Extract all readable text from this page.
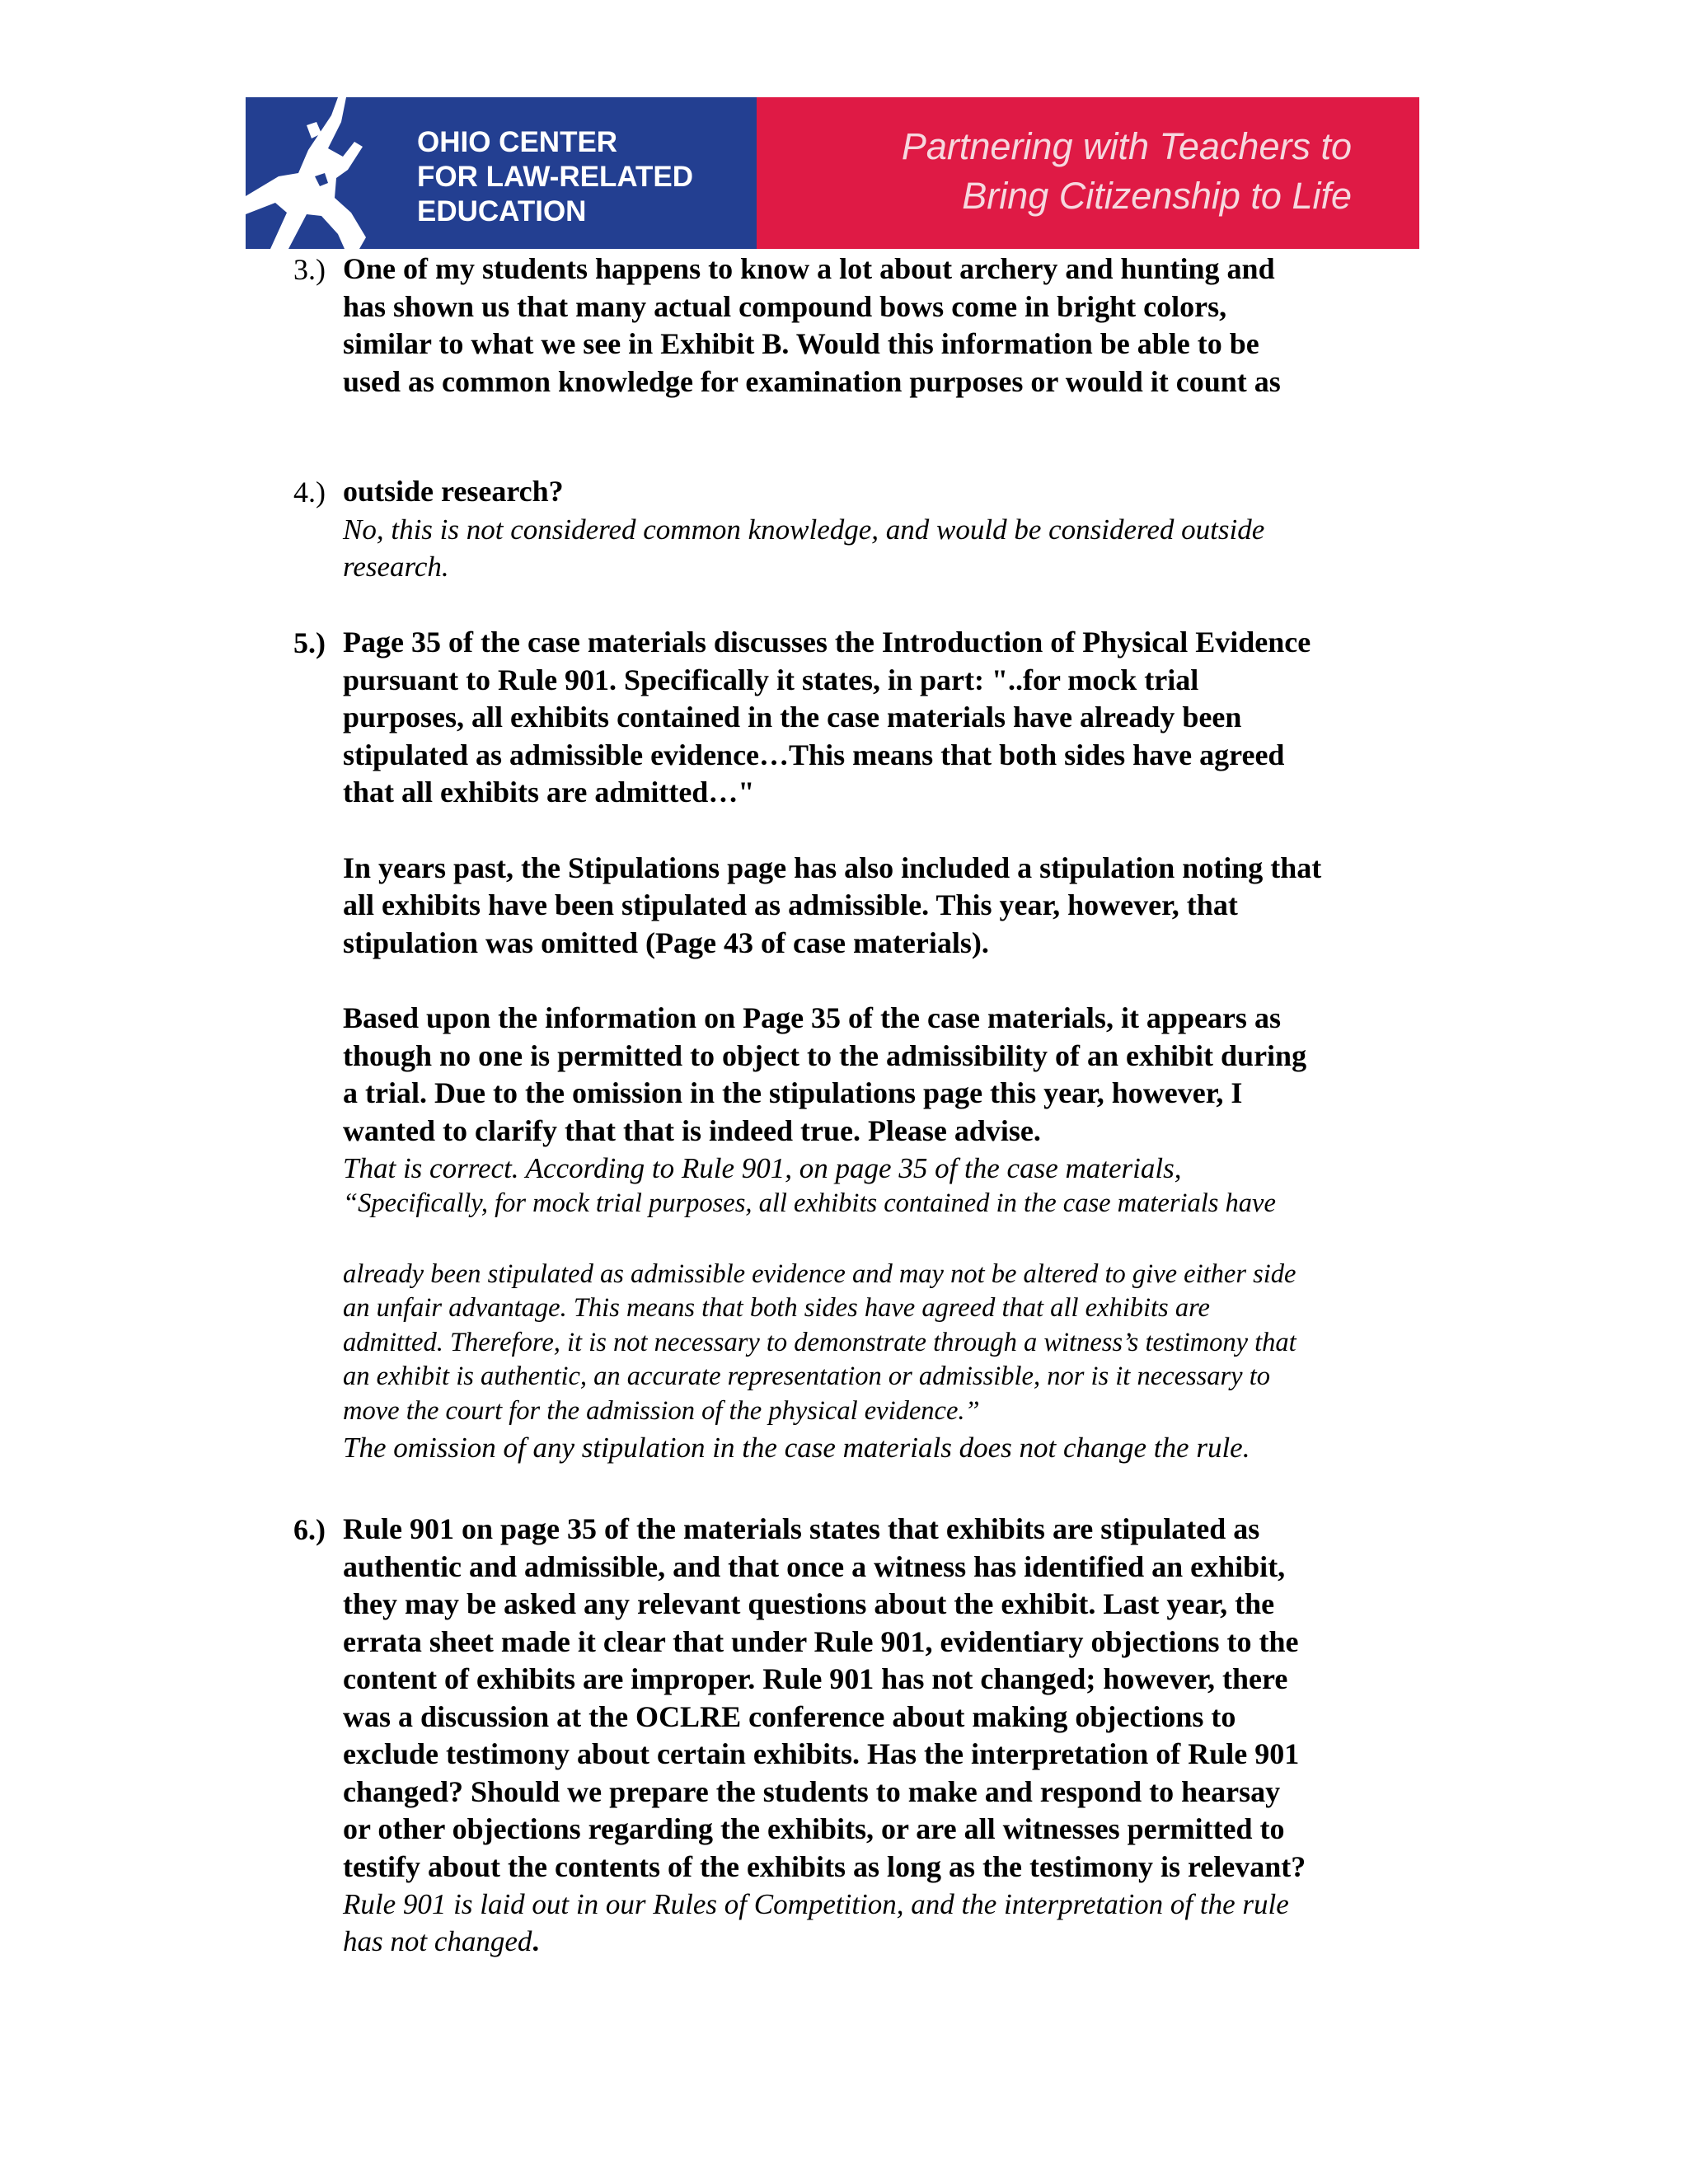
OHIO CENTER
FOR LAW-RELATED
EDUCATION
Partnering with Teachers to
Bring Citizenship to Life
3.) One of my students happens to know a lot about archery and hunting and
has shown us that many actual compound bows come in bright colors,
similar to what we see in Exhibit B. Would this information be able to be
used as common knowledge for examination purposes or would it count as
4.) outside research?
No, this is not considered common knowledge, and would be considered outside
research.
5.) Page 35 of the case materials discusses the Introduction of Physical Evidence
pursuant to Rule 901. Specifically it states, in part: "..for mock trial
purposes, all exhibits contained in the case materials have already been
stipulated as admissible evidence…This means that both sides have agreed
that all exhibits are admitted…"
In years past, the Stipulations page has also included a stipulation noting that
all exhibits have been stipulated as admissible. This year, however, that
stipulation was omitted (Page 43 of case materials).
Based upon the information on Page 35 of the case materials, it appears as
though no one is permitted to object to the admissibility of an exhibit during
a trial. Due to the omission in the stipulations page this year, however, I
wanted to clarify that that is indeed true. Please advise.
That is correct. According to Rule 901, on page 35 of the case materials,
“Specifically, for mock trial purposes, all exhibits contained in the case materials have
already been stipulated as admissible evidence and may not be altered to give either side
an unfair advantage. This means that both sides have agreed that all exhibits are
admitted. Therefore, it is not necessary to demonstrate through a witness’s testimony that
an exhibit is authentic, an accurate representation or admissible, nor is it necessary to
move the court for the admission of the physical evidence.”
The omission of any stipulation in the case materials does not change the rule.
6.) Rule 901 on page 35 of the materials states that exhibits are stipulated as
authentic and admissible, and that once a witness has identified an exhibit,
they may be asked any relevant questions about the exhibit. Last year, the
errata sheet made it clear that under Rule 901, evidentiary objections to the
content of exhibits are improper. Rule 901 has not changed; however, there
was a discussion at the OCLRE conference about making objections to
exclude testimony about certain exhibits. Has the interpretation of Rule 901
changed? Should we prepare the students to make and respond to hearsay
or other objections regarding the exhibits, or are all witnesses permitted to
testify about the contents of the exhibits as long as the testimony is relevant?
Rule 901 is laid out in our Rules of Competition, and the interpretation of the rule
has not changed.
